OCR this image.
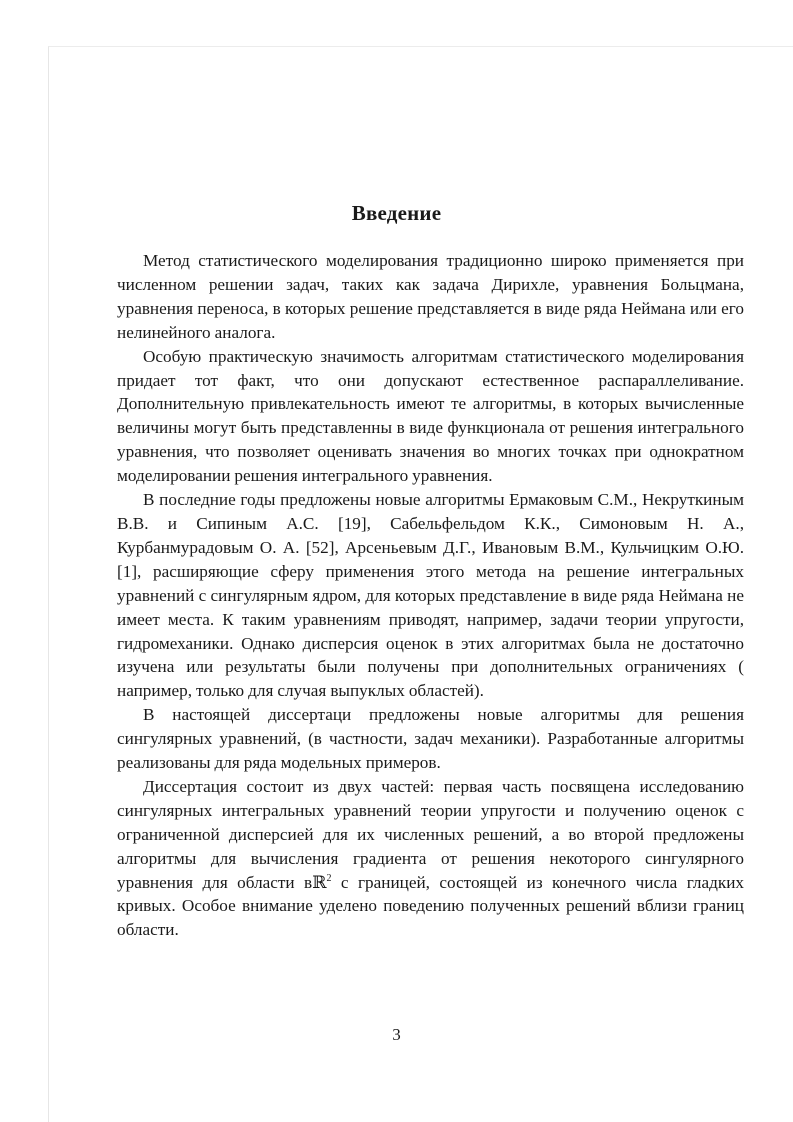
Введение

Метод статистического моделирования традиционно широко применяется при численном решении задач, таких как задача Дирихле, уравнения Больцмана, уравнения переноса, в которых решение представляется в виде ряда Неймана или его нелинейного аналога.

Особую практическую значимость алгоритмам статистического моделирования придает тот факт, что они допускают естественное распараллеливание. Дополнительную привлекательность имеют те алгоритмы, в которых вычисленные величины могут быть представленны в виде функционала от решения интегрального уравнения, что позволяет оценивать значения во многих точках при однократном моделировании решения интегрального уравнения.

В последние годы предложены новые алгоритмы Ермаковым С.М., Некруткиным В.В. и Сипиным А.С. [19], Сабельфельдом К.К., Симоновым Н. А., Курбанмурадовым О. А. [52], Арсеньевым Д.Г., Ивановым В.М., Кульчицким О.Ю. [1], расширяющие сферу применения этого метода на решение интегральных уравнений с сингулярным ядром, для которых представление в виде ряда Неймана не имеет места. К таким уравнениям приводят, например, задачи теории упругости, гидромеханики. Однако дисперсия оценок в этих алгоритмах была не достаточно изучена или результаты были получены при дополнительных ограничениях ( например, только для случая выпуклых областей).

В настоящей диссертаци предложены новые алгоритмы для решения сингулярных уравнений, (в частности, задач механики). Разработанные алгоритмы реализованы для ряда модельных примеров.

Диссертация состоит из двух частей: первая часть посвящена исследованию сингулярных интегральных уравнений теории упругости и получению оценок с ограниченной дисперсией для их численных решений, а во второй предложены алгоритмы для вычисления градиента от решения некоторого сингулярного уравнения для области вℝ$^2$ с границей, состоящей из конечного числа гладких кривых. Особое внимание уделено поведению полученных решений вблизи границ области.

3
